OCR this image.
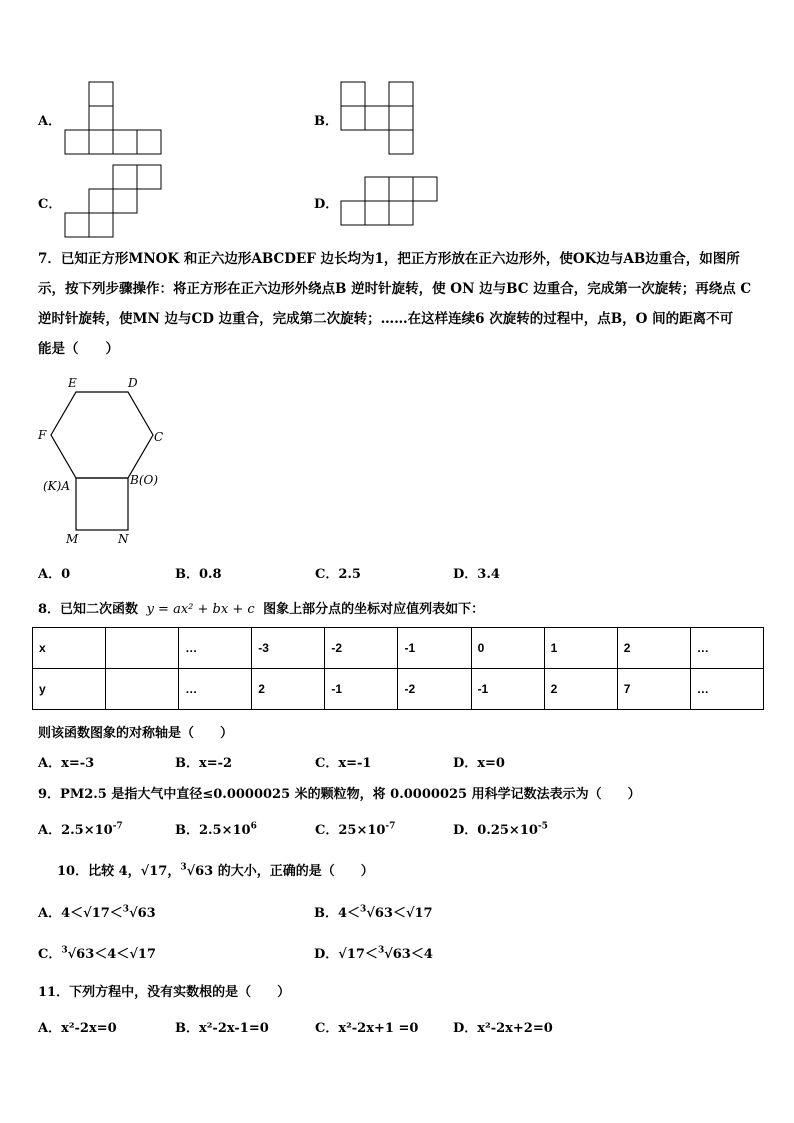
A．	B．
C．	D．
7．已知正方形MNOK 和正六边形ABCDEF 边长均为1，把正方形放在正六边形外，使OK边与AB边重合，如图所
示，按下列步骤操作：将正方形在正六边形外绕点B 逆时针旋转，使 ON 边与BC 边重合，完成第一次旋转；再绕点 C
逆时针旋转，使MN 边与CD 边重合，完成第二次旋转；……在这样连续6 次旋转的过程中，点B，O 间的距离不可
能是（　　）
E	D
F	C
(K)A	B(O)
M	N
A．0	B．0.8	C．2.5	D．3.4
8．已知二次函数 y = ax² + bx + c 图象上部分点的坐标对应值列表如下：
x		…	-3	-2	-1	0	1	2	…
y		…	2	-1	-2	-1	2	7	…
则该函数图象的对称轴是（　　）
A．x=-3	B．x=-2	C．x=-1	D．x=0
9．PM2.5 是指大气中直径≤0.0000025 米的颗粒物，将 0.0000025 用科学记数法表示为（　　）
A．$2.5\times 10^{-7}$	B．$2.5\times 10^6$	C．$25\times 10^{-7}$	D．$0.25\times 10^{-5}$
10．比较 4，√17，$^3$√63 的大小，正确的是（　　）
A．4＜√17＜$^3$√63	B．4＜$^3$√63＜√17
C．$^3$√63＜4＜√17	D．√17＜$^3$√63＜4
11．下列方程中，没有实数根的是（　　）
A．x²-2x=0	B．x²-2x-1=0	C．x²-2x+1 =0	D．x²-2x+2=0
